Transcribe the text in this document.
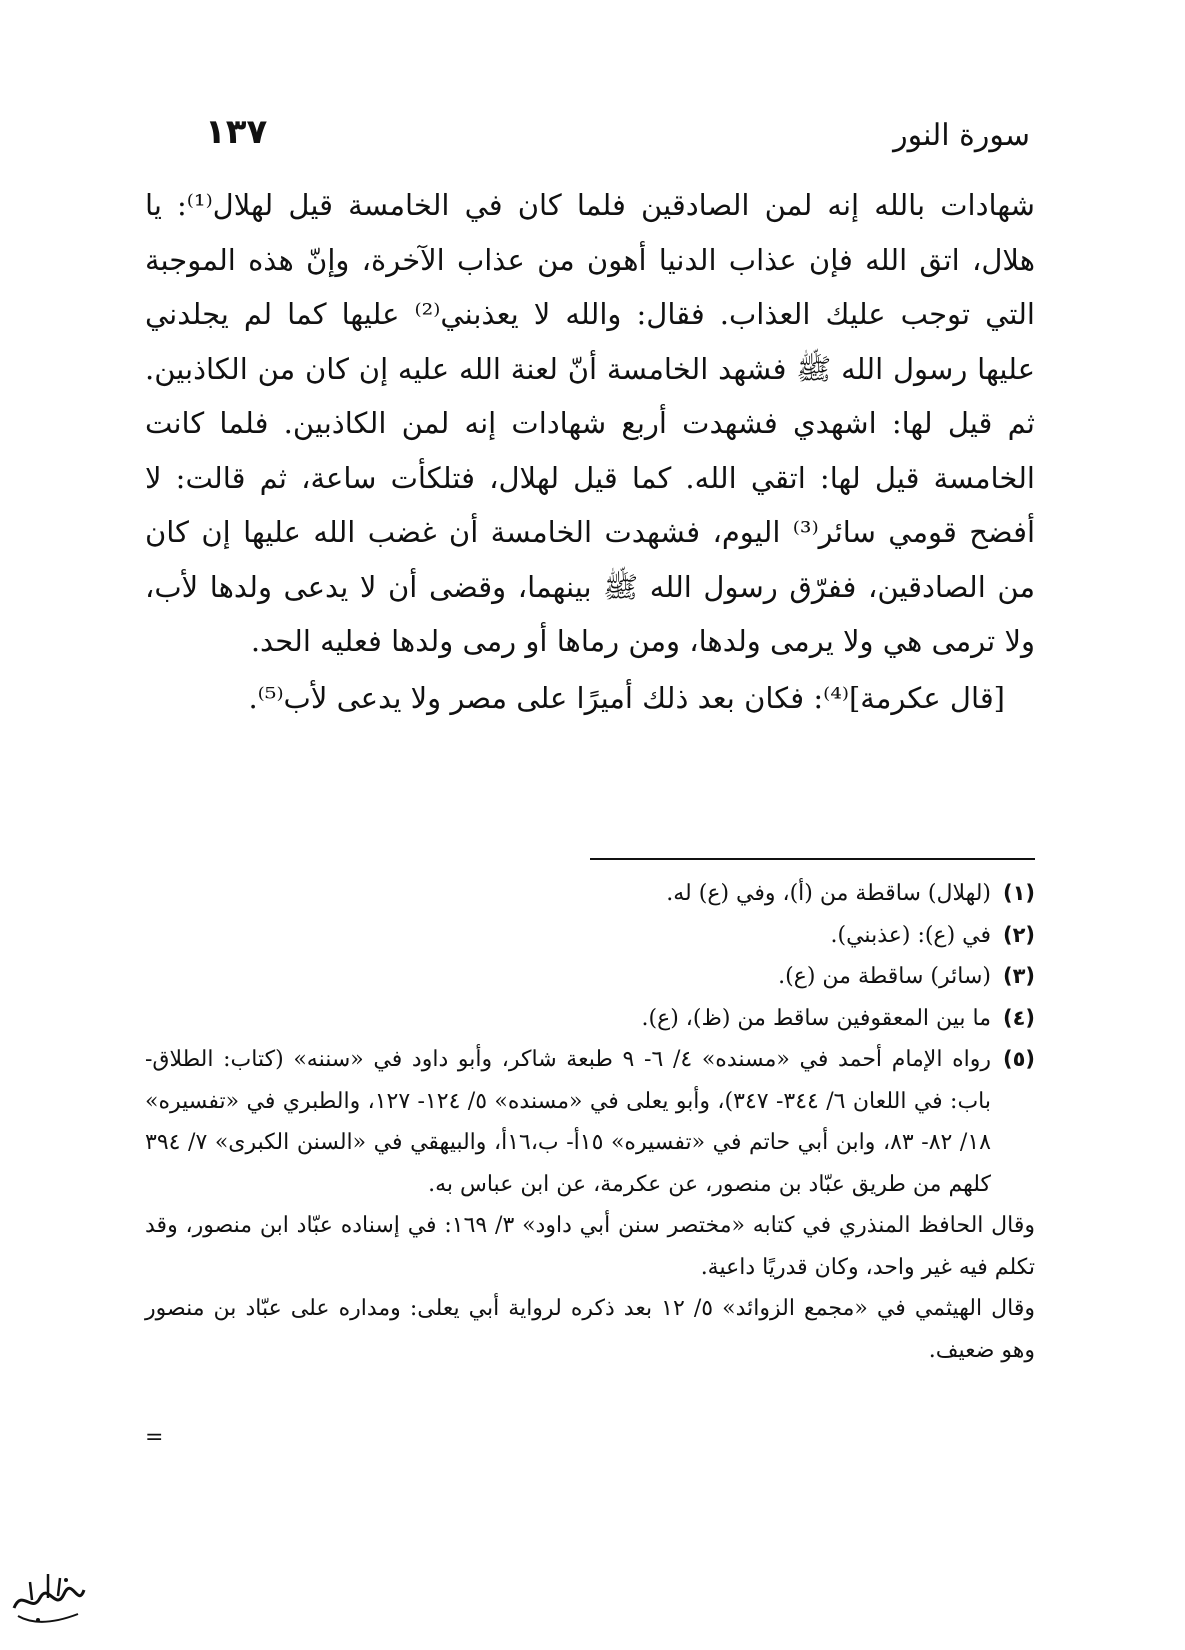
سورة النور
١٣٧

شهادات بالله إنه لمن الصادقين فلما كان في الخامسة قيل لهلال⁽¹⁾: يا هلال، اتق الله فإن عذاب الدنيا أهون من عذاب الآخرة، وإنّ هذه الموجبة التي توجب عليك العذاب. فقال: والله لا يعذبني⁽²⁾ عليها كما لم يجلدني عليها رسول الله ﷺ فشهد الخامسة أنّ لعنة الله عليه إن كان من الكاذبين. ثم قيل لها: اشهدي فشهدت أربع شهادات إنه لمن الكاذبين. فلما كانت الخامسة قيل لها: اتقي الله. كما قيل لهلال، فتلكأت ساعة، ثم قالت: لا أفضح قومي سائر⁽³⁾ اليوم، فشهدت الخامسة أن غضب الله عليها إن كان من الصادقين، ففرّق رسول الله ﷺ بينهما، وقضى أن لا يدعى ولدها لأب، ولا ترمى هي ولا يرمى ولدها، ومن رماها أو رمى ولدها فعليه الحد.

[قال عكرمة]⁽⁴⁾: فكان بعد ذلك أميرًا على مصر ولا يدعى لأب⁽⁵⁾.

(١)
(لهلال) ساقطة من (أ)، وفي (ع) له.
(٢)
في (ع): (عذبني).
(٣)
(سائر) ساقطة من (ع).
(٤)
ما بين المعقوفين ساقط من (ظ)، (ع).
(٥)
رواه الإمام أحمد في «مسنده» ٤/ ٦- ٩ طبعة شاكر، وأبو داود في «سننه» (كتاب: الطلاق- باب: في اللعان ٦/ ٣٤٤- ٣٤٧)، وأبو يعلى في «مسنده» ٥/ ١٢٤- ١٢٧، والطبري في «تفسيره» ١٨/ ٨٢- ٨٣، وابن أبي حاتم في «تفسيره» ١٥أ- ب،١٦أ، والبيهقي في «السنن الكبرى» ٧/ ٣٩٤ كلهم من طريق عبّاد بن منصور، عن عكرمة، عن ابن عباس به.
وقال الحافظ المنذري في كتابه «مختصر سنن أبي داود» ٣/ ١٦٩: في إسناده عبّاد ابن منصور، وقد تكلم فيه غير واحد، وكان قدريًا داعية.
وقال الهيثمي في «مجمع الزوائد» ٥/ ١٢ بعد ذكره لرواية أبي يعلى: ومداره على عبّاد بن منصور وهو ضعيف.
=
